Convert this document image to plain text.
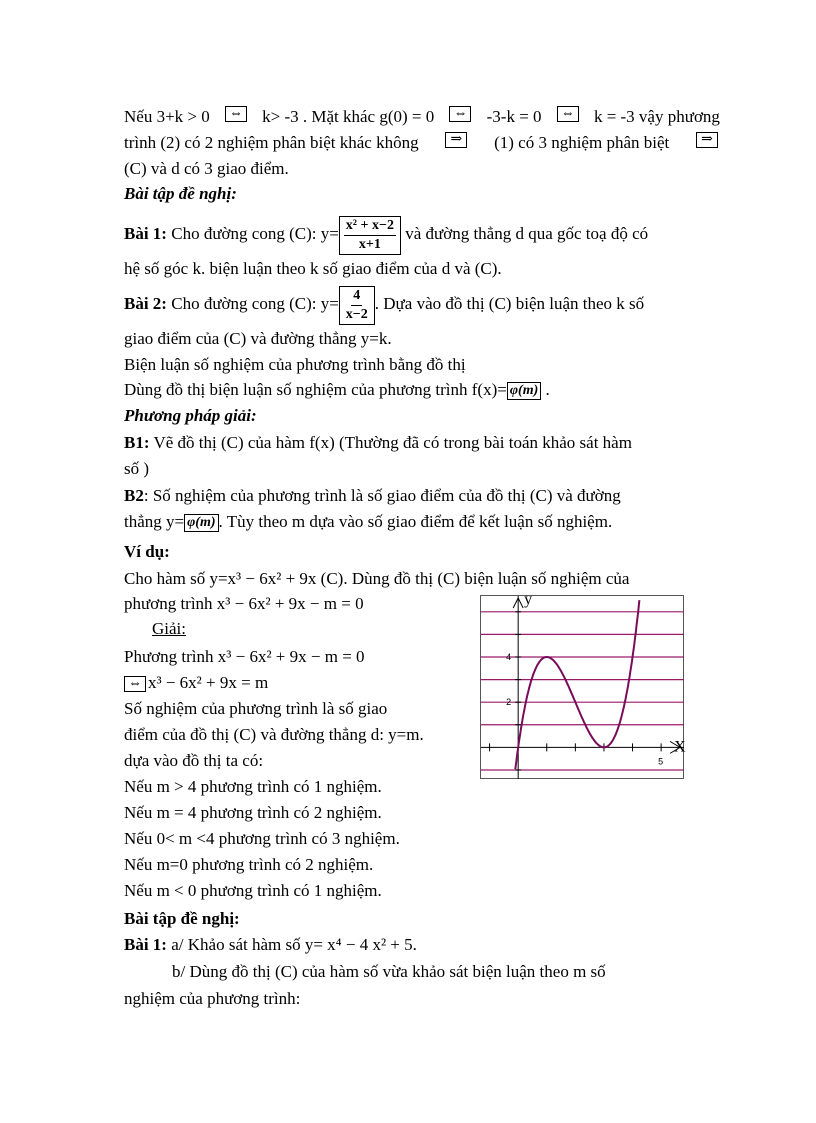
Nếu 3+k > 0 ⇔ k> -3 . Mặt khác g(0) = 0 ⇔ -3-k = 0 ⇔ k = -3 vậy phương
trình (2) có 2 nghiệm phân biệt khác không	⇒	(1) có 3 nghiệm phân biệt	⇒
(C) và d có 3 giao điểm.
Bài tập đề nghị:
Bài 1: Cho đường cong (C): $y= \frac{\text{x² + x−2}}{x+1}$ và đường thẳng d qua gốc toạ độ có
hệ số góc k. biện luận theo k số giao điểm của d và (C).
Bài 2: Cho đường cong (C): $y= \frac{4}{x-2}$ . Dựa vào đồ thị (C) biện luận theo k số
giao điểm của (C) và đường thẳng y=k.
Biện luận số nghiệm của phương trình bằng đồ thị
Dùng đồ thị biện luận số nghiệm của phương trình f(x)= φ(m) .
Phương pháp giải:
B1: Vẽ đồ thị (C) của hàm f(x) (Thường đã có trong bài toán khảo sát hàm
số )
B2: Số nghiệm của phương trình là số giao điểm của đồ thị (C) và đường
thẳng y= φ(m) . Tùy theo m dựa vào số giao điểm để kết luận số nghiệm.
Ví dụ:
Cho hàm số y=x³ − 6x² + 9x (C). Dùng đồ thị (C) biện luận số nghiệm của
phương trình x³ − 6x² + 9x − m = 0
Giải:
Phương trình x³ − 6x² + 9x − m = 0
⇔ x³ − 6x² + 9x = m
Số nghiệm của phương trình là số giao
điểm của đồ thị (C) và đường thẳng d: y=m.
dựa vào đồ thị ta có:
Nếu m > 4 phương trình có 1 nghiệm.
Nếu m = 4 phương trình có 2 nghiệm.
Nếu 0< m <4 phương trình có 3 nghiệm.
Nếu m=0 phương trình có 2 nghiệm.
Nếu m < 0 phương trình có 1 nghiệm.
Bài tập đề nghị:
Bài 1: a/ Khảo sát hàm số y= x⁴ − 4 x² + 5.
b/ Dùng đồ thị (C) của hàm số vừa khảo sát biện luận theo m số
nghiệm của phương trình:
5
2
4
y
X
